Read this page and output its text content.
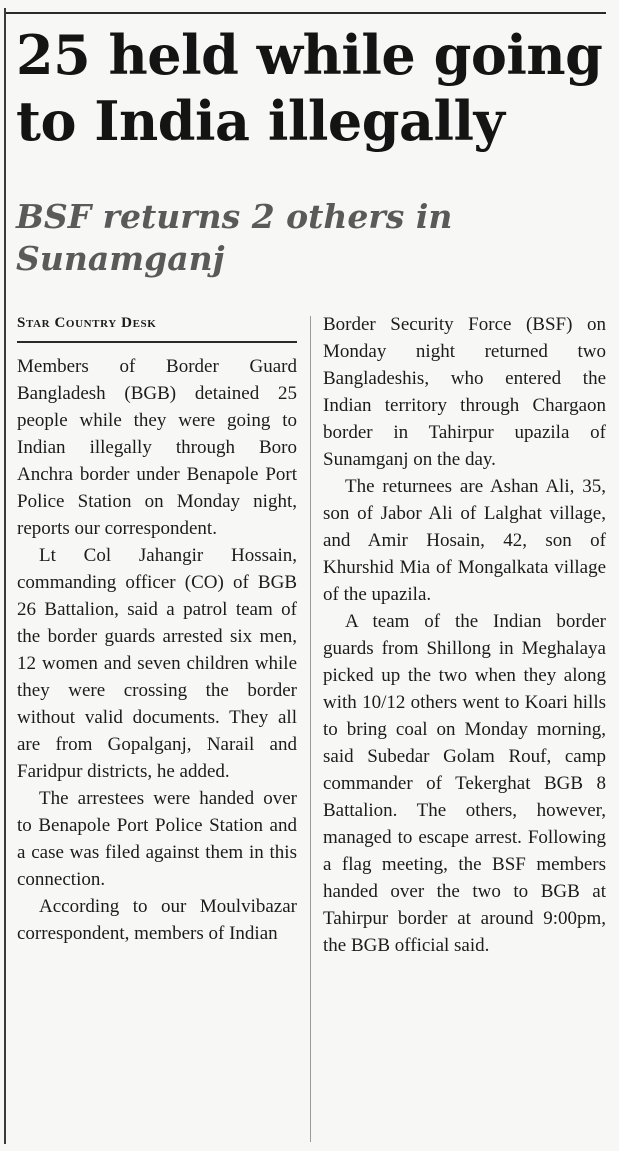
25 held while going to India illegally
BSF returns 2 others in Sunamganj
Star Country Desk

Members of Border Guard Bangladesh (BGB) detained 25 people while they were going to Indian illegally through Boro Anchra border under Benapole Port Police Station on Monday night, reports our correspondent.

Lt Col Jahangir Hossain, commanding officer (CO) of BGB 26 Battalion, said a patrol team of the border guards arrested six men, 12 women and seven children while they were crossing the border without valid documents. They all are from Gopalganj, Narail and Faridpur districts, he added.

The arrestees were handed over to Benapole Port Police Station and a case was filed against them in this connection.

According to our Moulvibazar correspondent, members of Indian

Border Security Force (BSF) on Monday night returned two Bangladeshis, who entered the Indian territory through Chargaon border in Tahirpur upazila of Sunamganj on the day.

The returnees are Ashan Ali, 35, son of Jabor Ali of Lalghat village, and Amir Hosain, 42, son of Khurshid Mia of Mongalkata village of the upazila.

A team of the Indian border guards from Shillong in Meghalaya picked up the two when they along with 10/12 others went to Koari hills to bring coal on Monday morning, said Subedar Golam Rouf, camp commander of Tekerghat BGB 8 Battalion. The others, however, managed to escape arrest. Following a flag meeting, the BSF members handed over the two to BGB at Tahirpur border at around 9:00pm, the BGB official said.
